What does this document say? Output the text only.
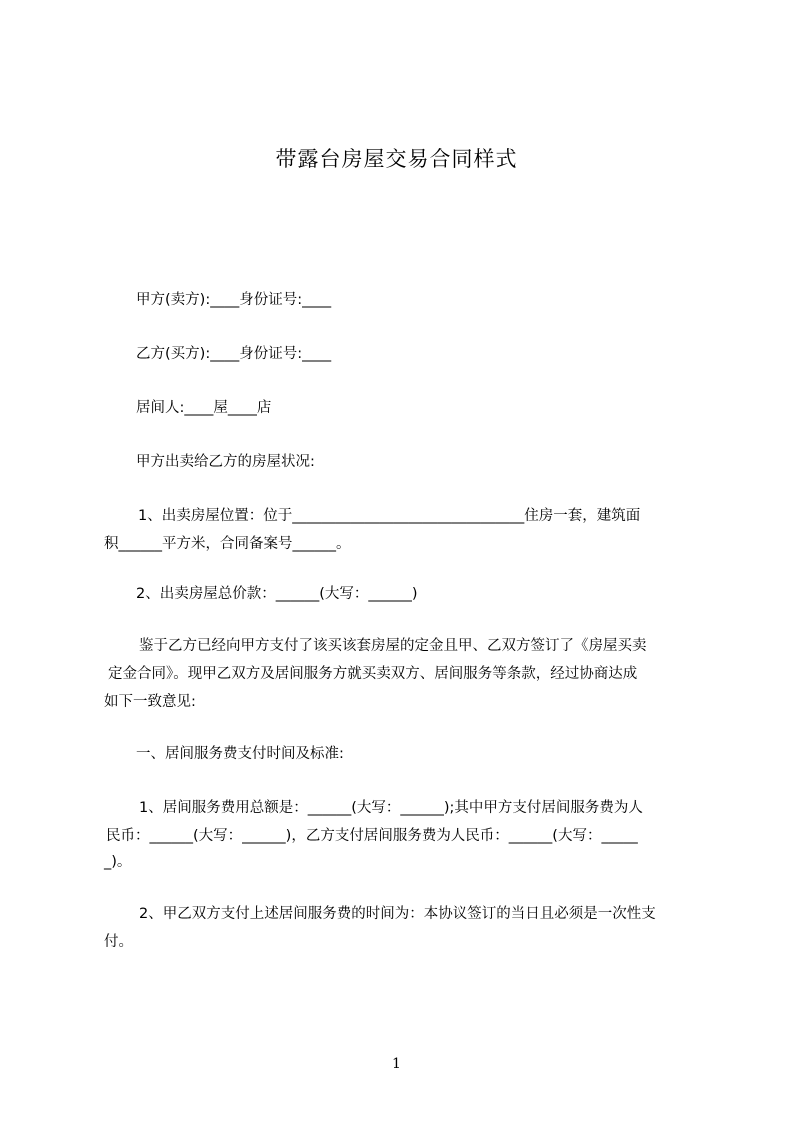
带露台房屋交易合同样式
甲方(卖方):____身份证号:____
乙方(买方):____身份证号:____
居间人:____屋____店
甲方出卖给乙方的房屋状况:
1、出卖房屋位置：位于________________________________住房一套，建筑面
积______平方米，合同备案号______。
2、出卖房屋总价款：______(大写：______)
鉴于乙方已经向甲方支付了该买该套房屋的定金且甲、乙双方签订了《房屋买卖
定金合同》。现甲乙双方及居间服务方就买卖双方、居间服务等条款，经过协商达成
如下一致意见:
一、居间服务费支付时间及标准:
1、居间服务费用总额是：______(大写：______);其中甲方支付居间服务费为人
民币：______(大写：______)，乙方支付居间服务费为人民币：______(大写：_____
_)。
2、甲乙双方支付上述居间服务费的时间为：本协议签订的当日且必须是一次性支
付。
1
